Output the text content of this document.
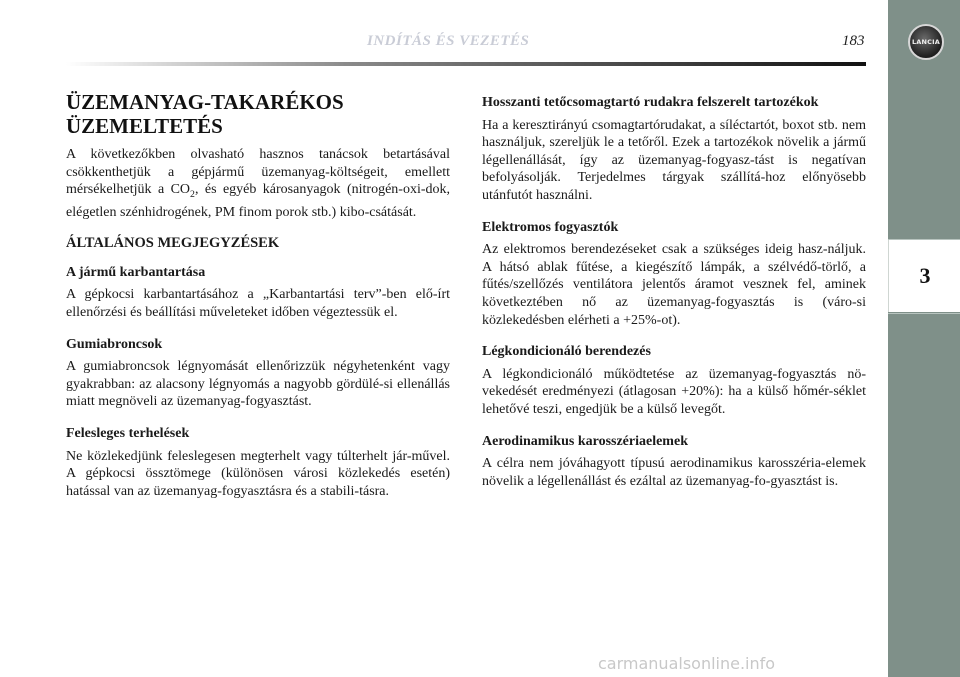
INDÍTÁS ÉS VEZETÉS	183
3
LANCIA
ÜZEMANYAG-TAKARÉKOS
ÜZEMELTETÉS

A következőkben olvasható hasznos tanácsok betartásával csökkenthetjük a gépjármű üzemanyag-költségeit, emellett mérsékelhetjük a $CO_2$, és egyéb károsanyagok (nitrogén-oxi-dok, elégetlen szénhidrogének, PM finom porok stb.) kibo-csátását.

ÁLTALÁNOS MEGJEGYZÉSEK
A jármű karbantartása

A gépkocsi karbantartásához a „Karbantartási terv”-ben elő-írt ellenőrzési és beállítási műveleteket időben végeztessük el.

Gumiabroncsok

A gumiabroncsok légnyomását ellenőrizzük négyhetenként vagy gyakrabban: az alacsony légnyomás a nagyobb gördülé-si ellenállás miatt megnöveli az üzemanyag-fogyasztást.

Felesleges terhelések

Ne közlekedjünk feleslegesen megterhelt vagy túlterhelt jár-művel. A gépkocsi össztömege (különösen városi közlekedés esetén) hatással van az üzemanyag-fogyasztásra és a stabili-tásra.

Hosszanti tetőcsomagtartó rudakra felszerelt tartozékok

Ha a keresztirányú csomagtartórudakat, a síléctartót, boxot stb. nem használjuk, szereljük le a tetőről. Ezek a tartozékok növelik a jármű légellenállását, így az üzemanyag-fogyasz-tást is negatívan befolyásolják. Terjedelmes tárgyak szállítá-hoz előnyösebb utánfutót használni.

Elektromos fogyasztók

Az elektromos berendezéseket csak a szükséges ideig hasz-náljuk. A hátsó ablak fűtése, a kiegészítő lámpák, a szélvédő-törlő, a fűtés/szellőzés ventilátora jelentős áramot vesznek fel, aminek következtében nő az üzemanyag-fogyasztás is (váro-si közlekedésben elérheti a +25%-ot).

Légkondicionáló berendezés

A légkondicionáló működtetése az üzemanyag-fogyasztás nö-vekedését eredményezi (átlagosan +20%): ha a külső hőmér-séklet lehetővé teszi, engedjük be a külső levegőt.

Aerodinamikus karosszériaelemek

A célra nem jóváhagyott típusú aerodinamikus karosszéria-elemek növelik a légellenállást és ezáltal az üzemanyag-fo-gyasztást is.

carmanualsonline.info
